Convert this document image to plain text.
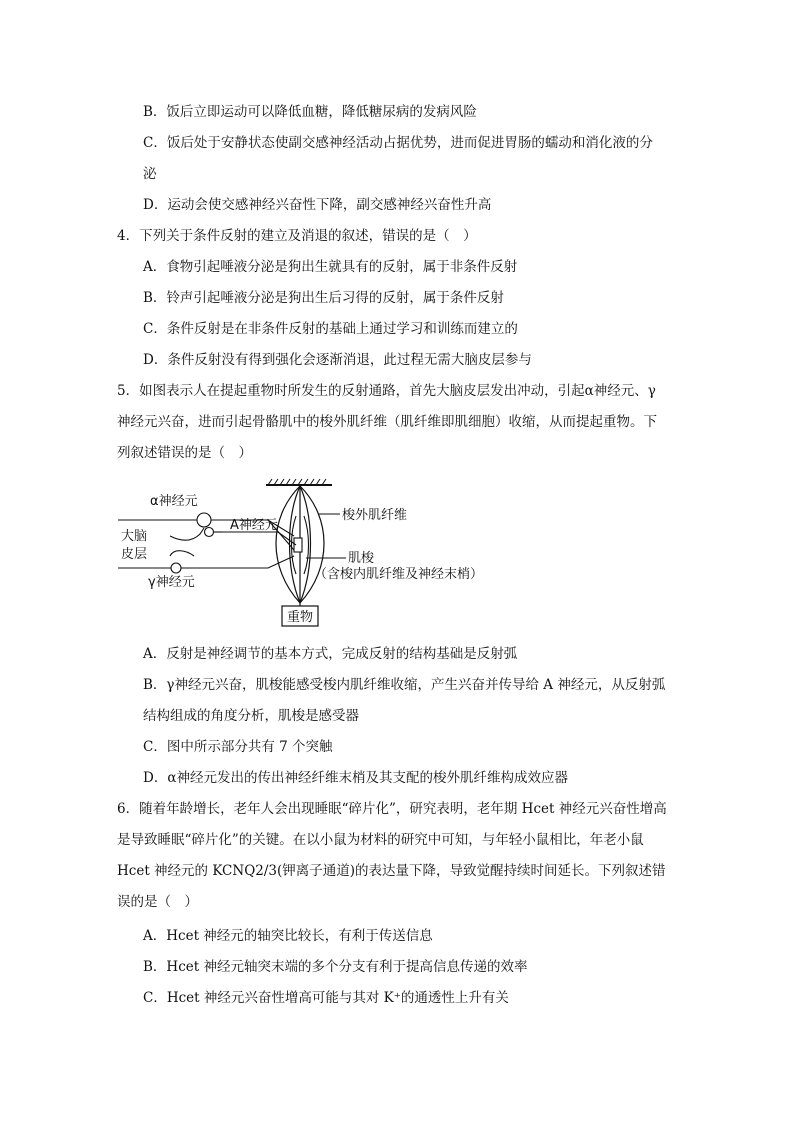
B．饭后立即运动可以降低血糖，降低糖尿病的发病风险
C．饭后处于安静状态使副交感神经活动占据优势，进而促进胃肠的蠕动和消化液的分
泌
D．运动会使交感神经兴奋性下降，副交感神经兴奋性升高
4．下列关于条件反射的建立及消退的叙述，错误的是（　）
A．食物引起唾液分泌是狗出生就具有的反射，属于非条件反射
B．铃声引起唾液分泌是狗出生后习得的反射，属于条件反射
C．条件反射是在非条件反射的基础上通过学习和训练而建立的
D．条件反射没有得到强化会逐渐消退，此过程无需大脑皮层参与
5．如图表示人在提起重物时所发生的反射通路，首先大脑皮层发出冲动，引起α神经元、γ
神经元兴奋，进而引起骨骼肌中的梭外肌纤维（肌纤维即肌细胞）收缩，从而提起重物。下
列叙述错误的是（　）
重物
α神经元
大脑
皮层
A神经元
γ神经元
梭外肌纤维
肌梭
（含梭内肌纤维及神经末梢）
A．反射是神经调节的基本方式，完成反射的结构基础是反射弧
B．γ神经元兴奋，肌梭能感受梭内肌纤维收缩，产生兴奋并传导给 A 神经元，从反射弧
结构组成的角度分析，肌梭是感受器
C．图中所示部分共有 7 个突触
D．α神经元发出的传出神经纤维末梢及其支配的梭外肌纤维构成效应器
6．随着年龄增长，老年人会出现睡眠“碎片化”，研究表明，老年期 Hcet 神经元兴奋性增高
是导致睡眠“碎片化”的关键。在以小鼠为材料的研究中可知，与年轻小鼠相比，年老小鼠
Hcet 神经元的 KCNQ2/3(钾离子通道)的表达量下降，导致觉醒持续时间延长。下列叙述错
误的是（　）
A．Hcet 神经元的轴突比较长，有利于传送信息
B．Hcet 神经元轴突末端的多个分支有利于提高信息传递的效率
C．Hcet 神经元兴奋性增高可能与其对 K⁺的通透性上升有关
